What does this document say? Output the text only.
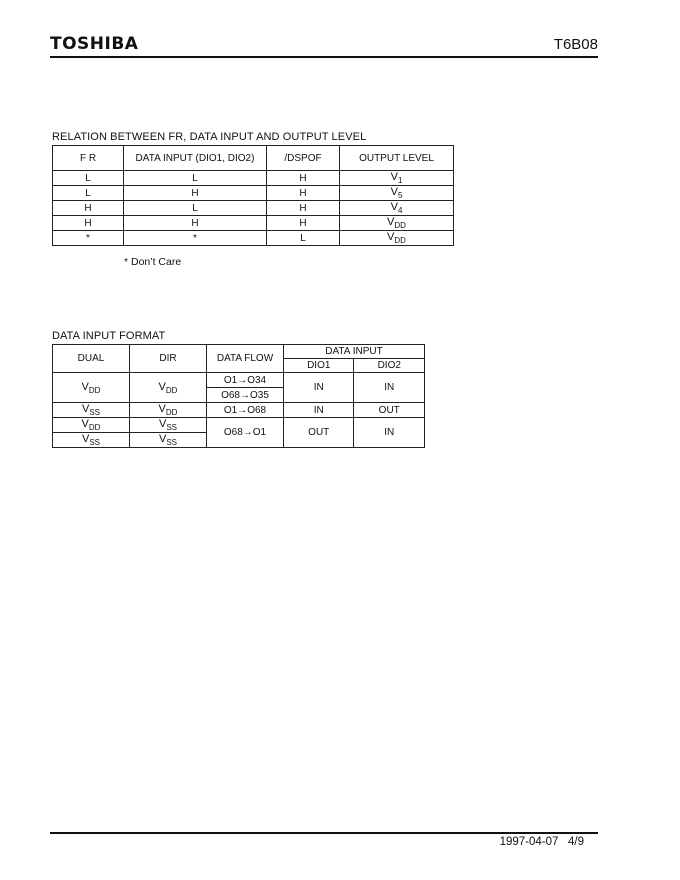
TOSHIBA	T6B08
RELATION BETWEEN FR, DATA INPUT AND OUTPUT LEVEL
F R	DATA INPUT (DIO1, DIO2)	/DSPOF	OUTPUT LEVEL
L	L	H	$V_1$
L	H	H	$V_5$
H	L	H	$V_4$
H	H	H	$V_{DD}$
*	*	L	$V_{DD}$
* Don’t Care
DATA INPUT FORMAT
DUAL	DIR	DATA FLOW	DATA INPUT	
			DIO1	DIO2
$V_{DD}$	$V_{DD}$	O1→O34	IN	IN
		O68→O35		
$V_{SS}$	$V_{DD}$	O1→O68	IN	OUT
$V_{DD}$	$V_{SS}$	O68→O1	OUT	IN
$V_{SS}$	$V_{SS}$
1997-04-07 4/9
